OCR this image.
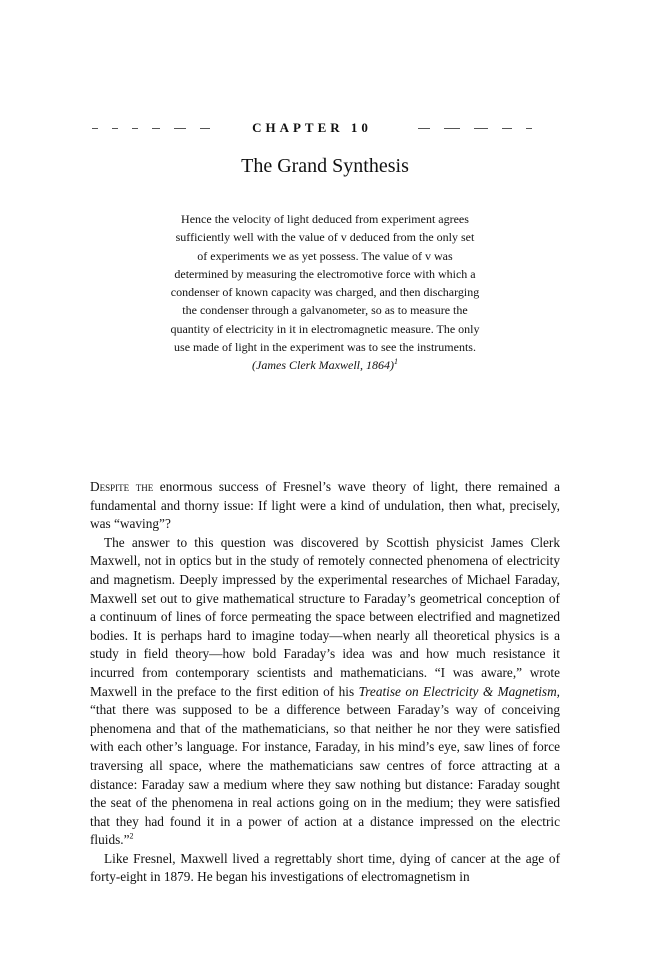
CHAPTER 10
The Grand Synthesis

Hence the velocity of light deduced from experiment agrees sufficiently well with the value of v deduced from the only set of experiments we as yet possess. The value of v was determined by measuring the electromotive force with which a condenser of known capacity was charged, and then discharging the condenser through a galvanometer, so as to measure the quantity of electricity in it in electromagnetic measure. The only use made of light in the experiment was to see the instruments.

(James Clerk Maxwell, 1864)$^1$

Despite the enormous success of Fresnel’s wave theory of light, there remained a fundamental and thorny issue: If light were a kind of undulation, then what, precisely, was “waving”?

The answer to this question was discovered by Scottish physicist James Clerk Maxwell, not in optics but in the study of remotely connected phenomena of electricity and magnetism. Deeply impressed by the experimental researches of Michael Faraday, Maxwell set out to give mathematical structure to Faraday’s geometrical conception of a continuum of lines of force permeating the space between electrified and magnetized bodies. It is perhaps hard to imagine today—when nearly all theoretical physics is a study in field theory—how bold Faraday’s idea was and how much resistance it incurred from contemporary scientists and mathematicians. “I was aware,” wrote Maxwell in the preface to the first edition of his Treatise on Electricity & Magnetism, “that there was supposed to be a difference between Faraday’s way of conceiving phenomena and that of the mathematicians, so that neither he nor they were satisfied with each other’s language. For instance, Faraday, in his mind’s eye, saw lines of force traversing all space, where the mathematicians saw centres of force attracting at a distance: Faraday saw a medium where they saw nothing but distance: Faraday sought the seat of the phenomena in real actions going on in the medium; they were satisfied that they had found it in a power of action at a distance impressed on the electric fluids.”$^2$

Like Fresnel, Maxwell lived a regrettably short time, dying of cancer at the age of forty-eight in 1879. He began his investigations of electromagnetism in
